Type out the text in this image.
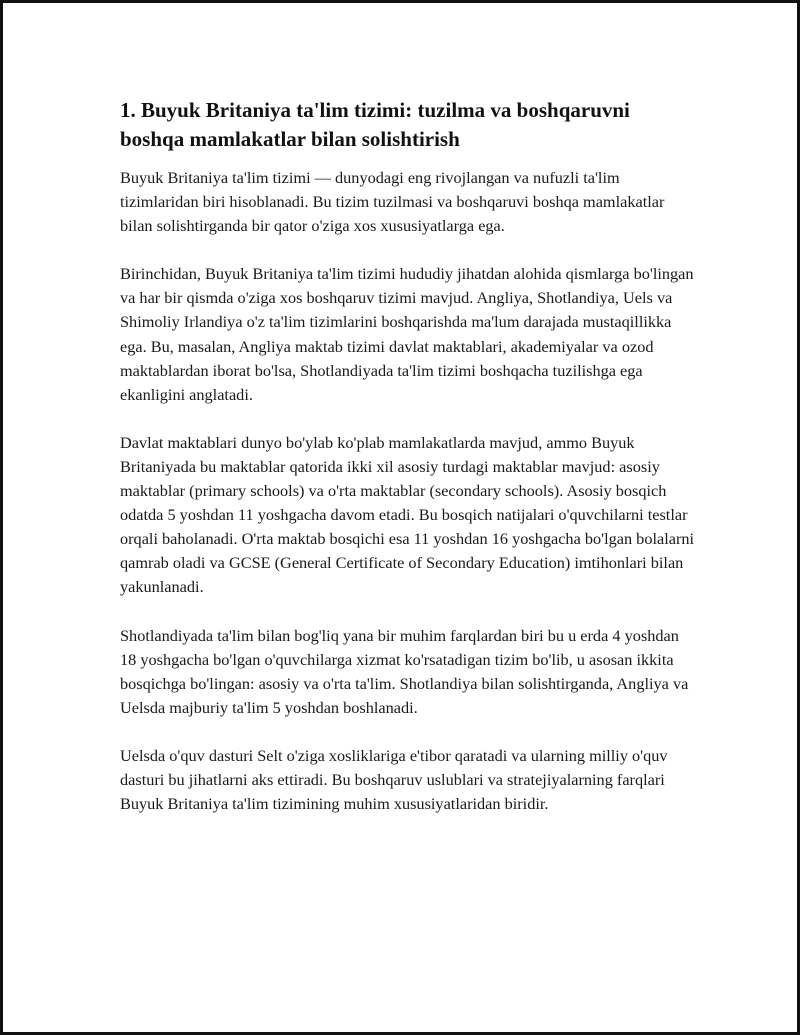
1. Buyuk Britaniya ta'lim tizimi: tuzilma va boshqaruvni boshqa mamlakatlar bilan solishtirish

Buyuk Britaniya ta'lim tizimi — dunyodagi eng rivojlangan va nufuzli ta'lim tizimlaridan biri hisoblanadi. Bu tizim tuzilmasi va boshqaruvi boshqa mamlakatlar bilan solishtirganda bir qator o'ziga xos xususiyatlarga ega.

Birinchidan, Buyuk Britaniya ta'lim tizimi hududiy jihatdan alohida qismlarga bo'lingan va har bir qismda o'ziga xos boshqaruv tizimi mavjud. Angliya, Shotlandiya, Uels va Shimoliy Irlandiya o'z ta'lim tizimlarini boshqarishda ma'lum darajada mustaqillikka ega. Bu, masalan, Angliya maktab tizimi davlat maktablari, akademiyalar va ozod maktablardan iborat bo'lsa, Shotlandiyada ta'lim tizimi boshqacha tuzilishga ega ekanligini anglatadi.

Davlat maktablari dunyo bo'ylab ko'plab mamlakatlarda mavjud, ammo Buyuk Britaniyada bu maktablar qatorida ikki xil asosiy turdagi maktablar mavjud: asosiy maktablar (primary schools) va o'rta maktablar (secondary schools). Asosiy bosqich odatda 5 yoshdan 11 yoshgacha davom etadi. Bu bosqich natijalari o'quvchilarni testlar orqali baholanadi. O'rta maktab bosqichi esa 11 yoshdan 16 yoshgacha bo'lgan bolalarni qamrab oladi va GCSE (General Certificate of Secondary Education) imtihonlari bilan yakunlanadi.

Shotlandiyada ta'lim bilan bog'liq yana bir muhim farqlardan biri bu u erda 4 yoshdan 18 yoshgacha bo'lgan o'quvchilarga xizmat ko'rsatadigan tizim bo'lib, u asosan ikkita bosqichga bo'lingan: asosiy va o'rta ta'lim. Shotlandiya bilan solishtirganda, Angliya va Uelsda majburiy ta'lim 5 yoshdan boshlanadi.

Uelsda o'quv dasturi Selt o'ziga xosliklariga e'tibor qaratadi va ularning milliy o'quv dasturi bu jihatlarni aks ettiradi. Bu boshqaruv uslublari va stratejiyalarning farqlari Buyuk Britaniya ta'lim tizimining muhim xususiyatlaridan biridir.
